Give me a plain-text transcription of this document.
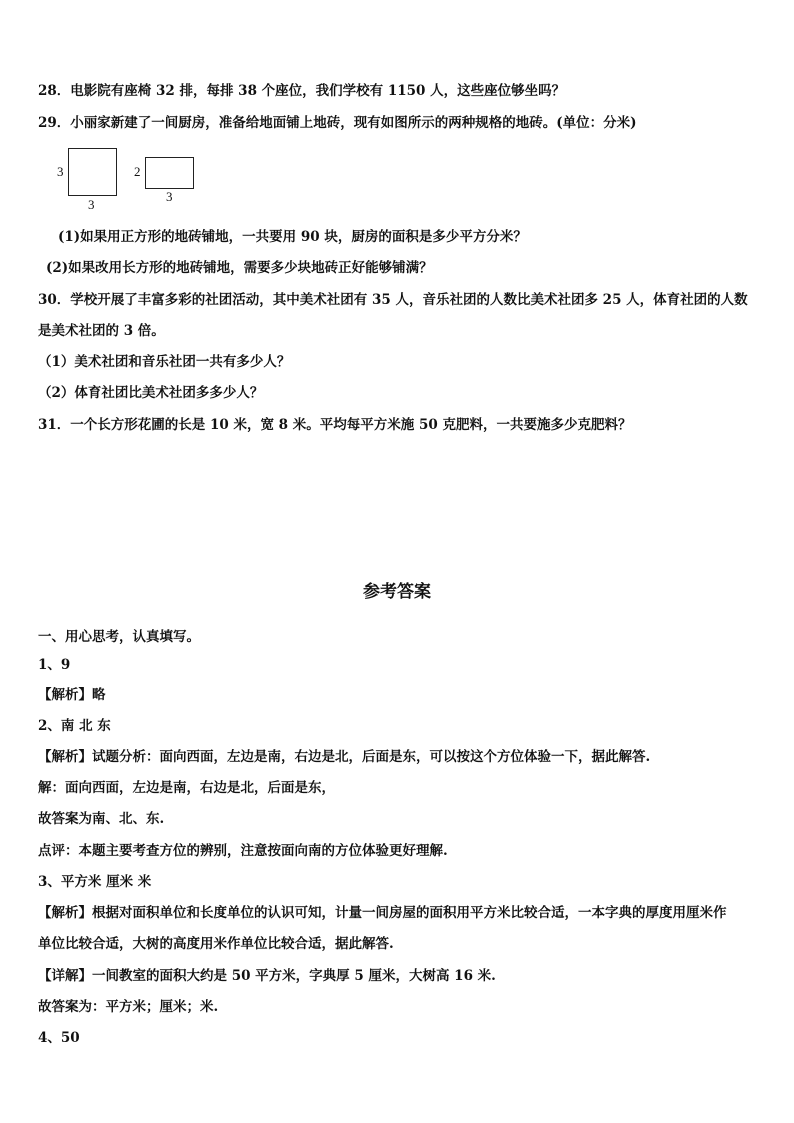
28．电影院有座椅 32 排，每排 38 个座位，我们学校有 1150 人，这些座位够坐吗？
29．小丽家新建了一间厨房，准备给地面铺上地砖，现有如图所示的两种规格的地砖。(单位：分米)
3
3
2
3
(1)如果用正方形的地砖铺地，一共要用 90 块，厨房的面积是多少平方分米？
(2)如果改用长方形的地砖铺地，需要多少块地砖正好能够铺满？
30．学校开展了丰富多彩的社团活动，其中美术社团有 35 人，音乐社团的人数比美术社团多 25 人，体育社团的人数
是美术社团的 3 倍。
（1）美术社团和音乐社团一共有多少人？
（2）体育社团比美术社团多多少人？
31．一个长方形花圃的长是 10 米，宽 8 米。平均每平方米施 50 克肥料，一共要施多少克肥料？
参考答案
一、用心思考，认真填写。
1、9
【解析】略
2、南 北 东
【解析】试题分析：面向西面，左边是南，右边是北，后面是东，可以按这个方位体验一下，据此解答.
解：面向西面，左边是南，右边是北，后面是东，
故答案为南、北、东.
点评：本题主要考查方位的辨别，注意按面向南的方位体验更好理解.
3、平方米 厘米 米
【解析】根据对面积单位和长度单位的认识可知，计量一间房屋的面积用平方米比较合适，一本字典的厚度用厘米作
单位比较合适，大树的高度用米作单位比较合适，据此解答.
【详解】一间教室的面积大约是 50 平方米，字典厚 5 厘米，大树高 16 米.
故答案为：平方米；厘米；米.
4、50
